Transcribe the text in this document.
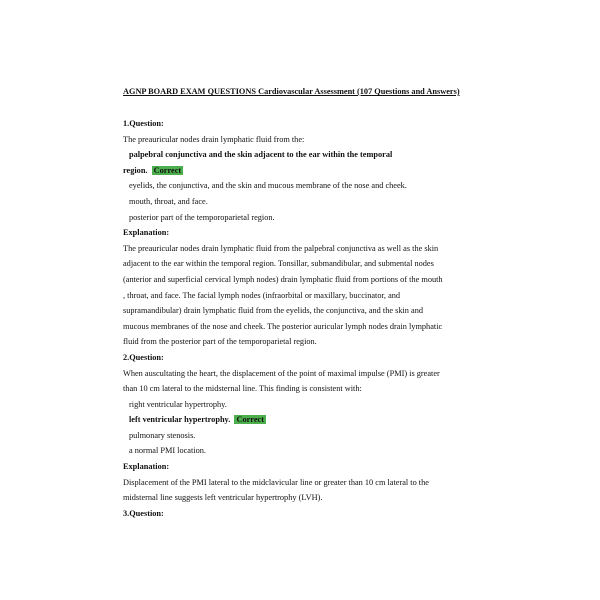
AGNP BOARD EXAM QUESTIONS Cardiovascular Assessment (107 Questions and Answers)

1.Question:

The preauricular nodes drain lymphatic fluid from the:

palpebral conjunctiva and the skin adjacent to the ear within the temporal

region. Correct

eyelids, the conjunctiva, and the skin and mucous membrane of the nose and cheek.

mouth, throat, and face.

posterior part of the temporoparietal region.

Explanation:

The preauricular nodes drain lymphatic fluid from the palpebral conjunctiva as well as the skin

adjacent to the ear within the temporal region. Tonsillar, submandibular, and submental nodes

(anterior and superficial cervical lymph nodes) drain lymphatic fluid from portions of the mouth

, throat, and face. The facial lymph nodes (infraorbital or maxillary, buccinator, and

supramandibular) drain lymphatic fluid from the eyelids, the conjunctiva, and the skin and

mucous membranes of the nose and cheek. The posterior auricular lymph nodes drain lymphatic

fluid from the posterior part of the temporoparietal region.

2.Question:

When auscultating the heart, the displacement of the point of maximal impulse (PMI) is greater

than 10 cm lateral to the midsternal line. This finding is consistent with:

right ventricular hypertrophy.

left ventricular hypertrophy. Correct

pulmonary stenosis.

a normal PMI location.

Explanation:

Displacement of the PMI lateral to the midclavicular line or greater than 10 cm lateral to the

midsternal line suggests left ventricular hypertrophy (LVH).

3.Question:
